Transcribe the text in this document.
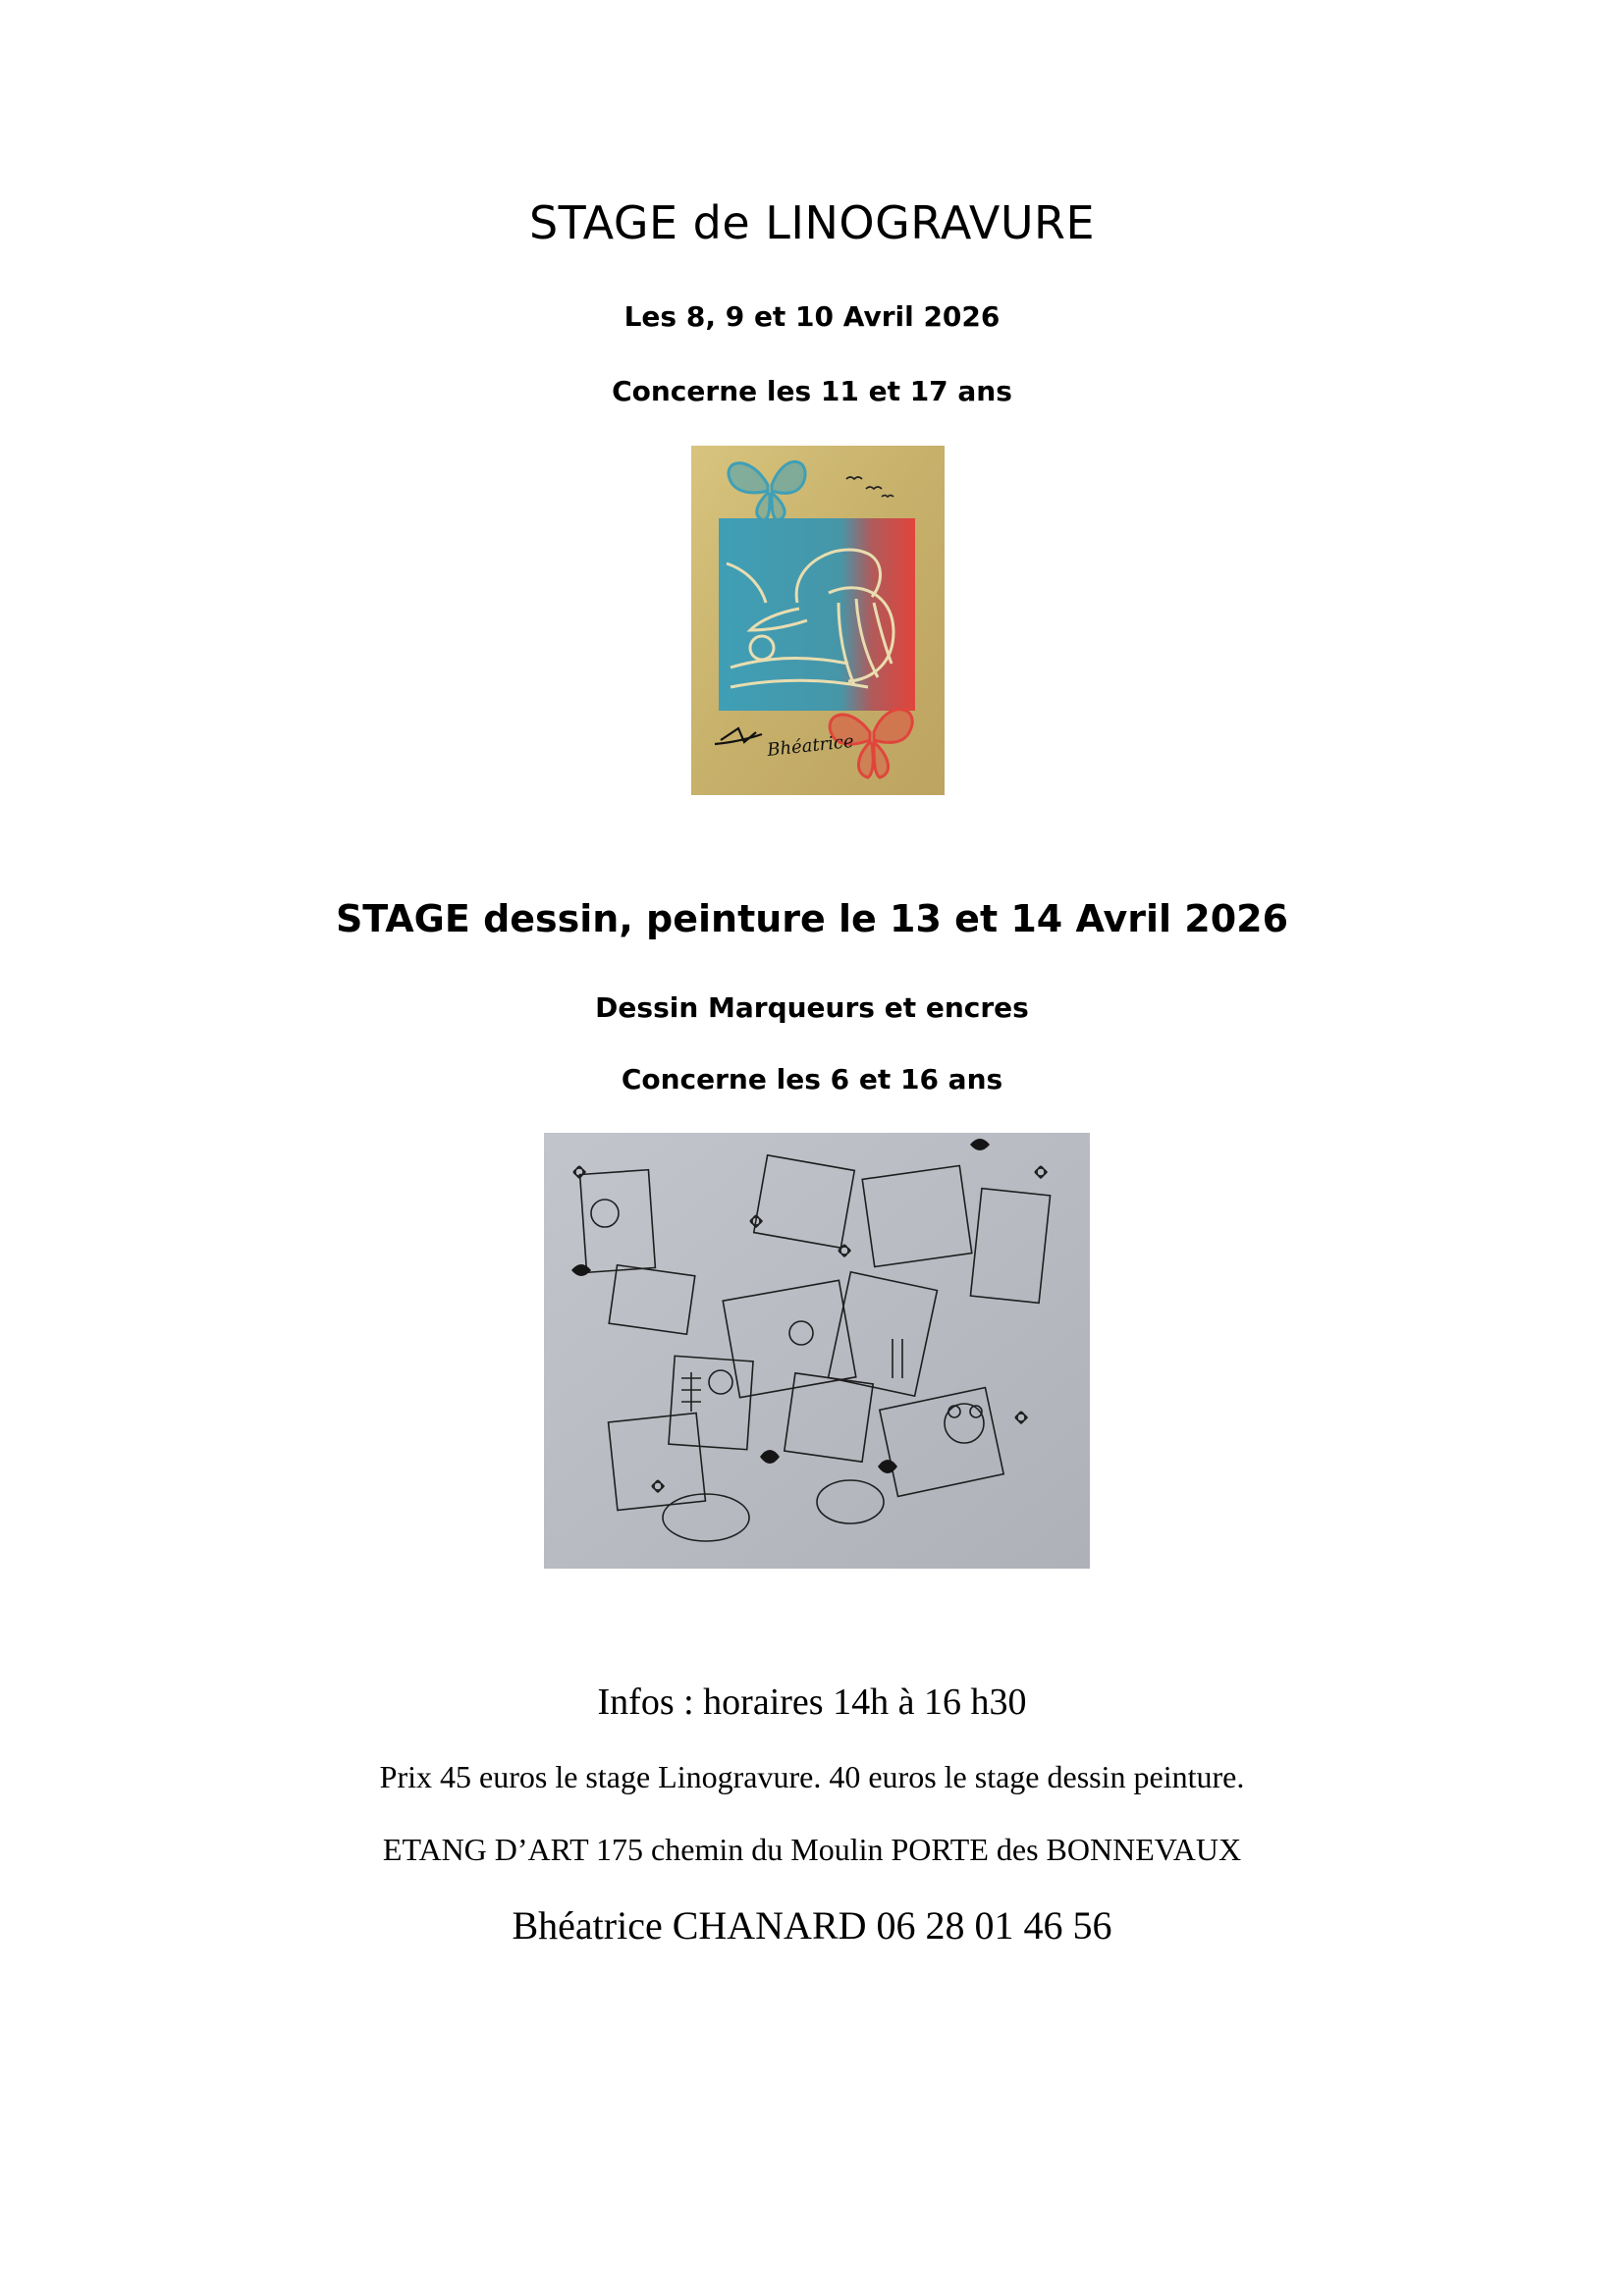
STAGE de LINOGRAVURE
Les 8, 9 et 10 Avril 2026
Concerne les 11 et 17 ans
Bhéatrice
STAGE dessin, peinture le 13 et 14 Avril 2026
Dessin Marqueurs et encres
Concerne les 6 et 16 ans
Infos : horaires 14h à 16 h30
Prix 45 euros le stage Linogravure. 40 euros le stage dessin peinture.
ETANG D’ART 175 chemin du Moulin PORTE des BONNEVAUX
Bhéatrice CHANARD 06 28 01 46 56
